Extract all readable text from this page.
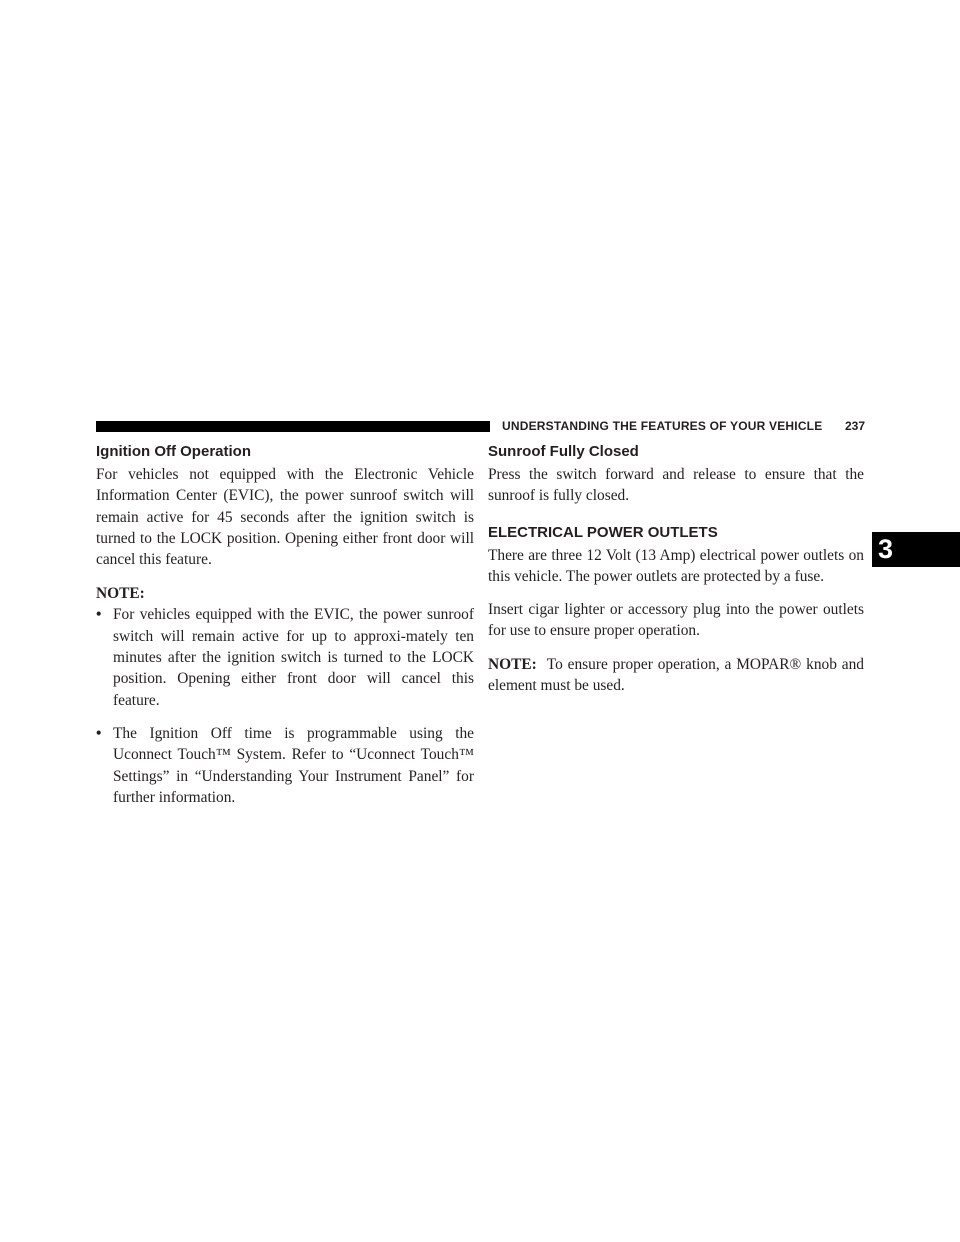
UNDERSTANDING THE FEATURES OF YOUR VEHICLE 237
3
Ignition Off Operation

For vehicles not equipped with the Electronic Vehicle Information Center (EVIC), the power sunroof switch will remain active for 45 seconds after the ignition switch is turned to the LOCK position. Opening either front door will cancel this feature.

NOTE:
• For vehicles equipped with the EVIC, the power sunroof switch will remain active for up to approxi-mately ten minutes after the ignition switch is turned to the LOCK position. Opening either front door will cancel this feature.
• The Ignition Off time is programmable using the Uconnect Touch™ System. Refer to “Uconnect Touch™ Settings” in “Understanding Your Instrument Panel” for further information.
Sunroof Fully Closed

Press the switch forward and release to ensure that the sunroof is fully closed.

ELECTRICAL POWER OUTLETS

There are three 12 Volt (13 Amp) electrical power outlets on this vehicle. The power outlets are protected by a fuse.

Insert cigar lighter or accessory plug into the power outlets for use to ensure proper operation.

NOTE: To ensure proper operation, a MOPAR® knob and element must be used.
